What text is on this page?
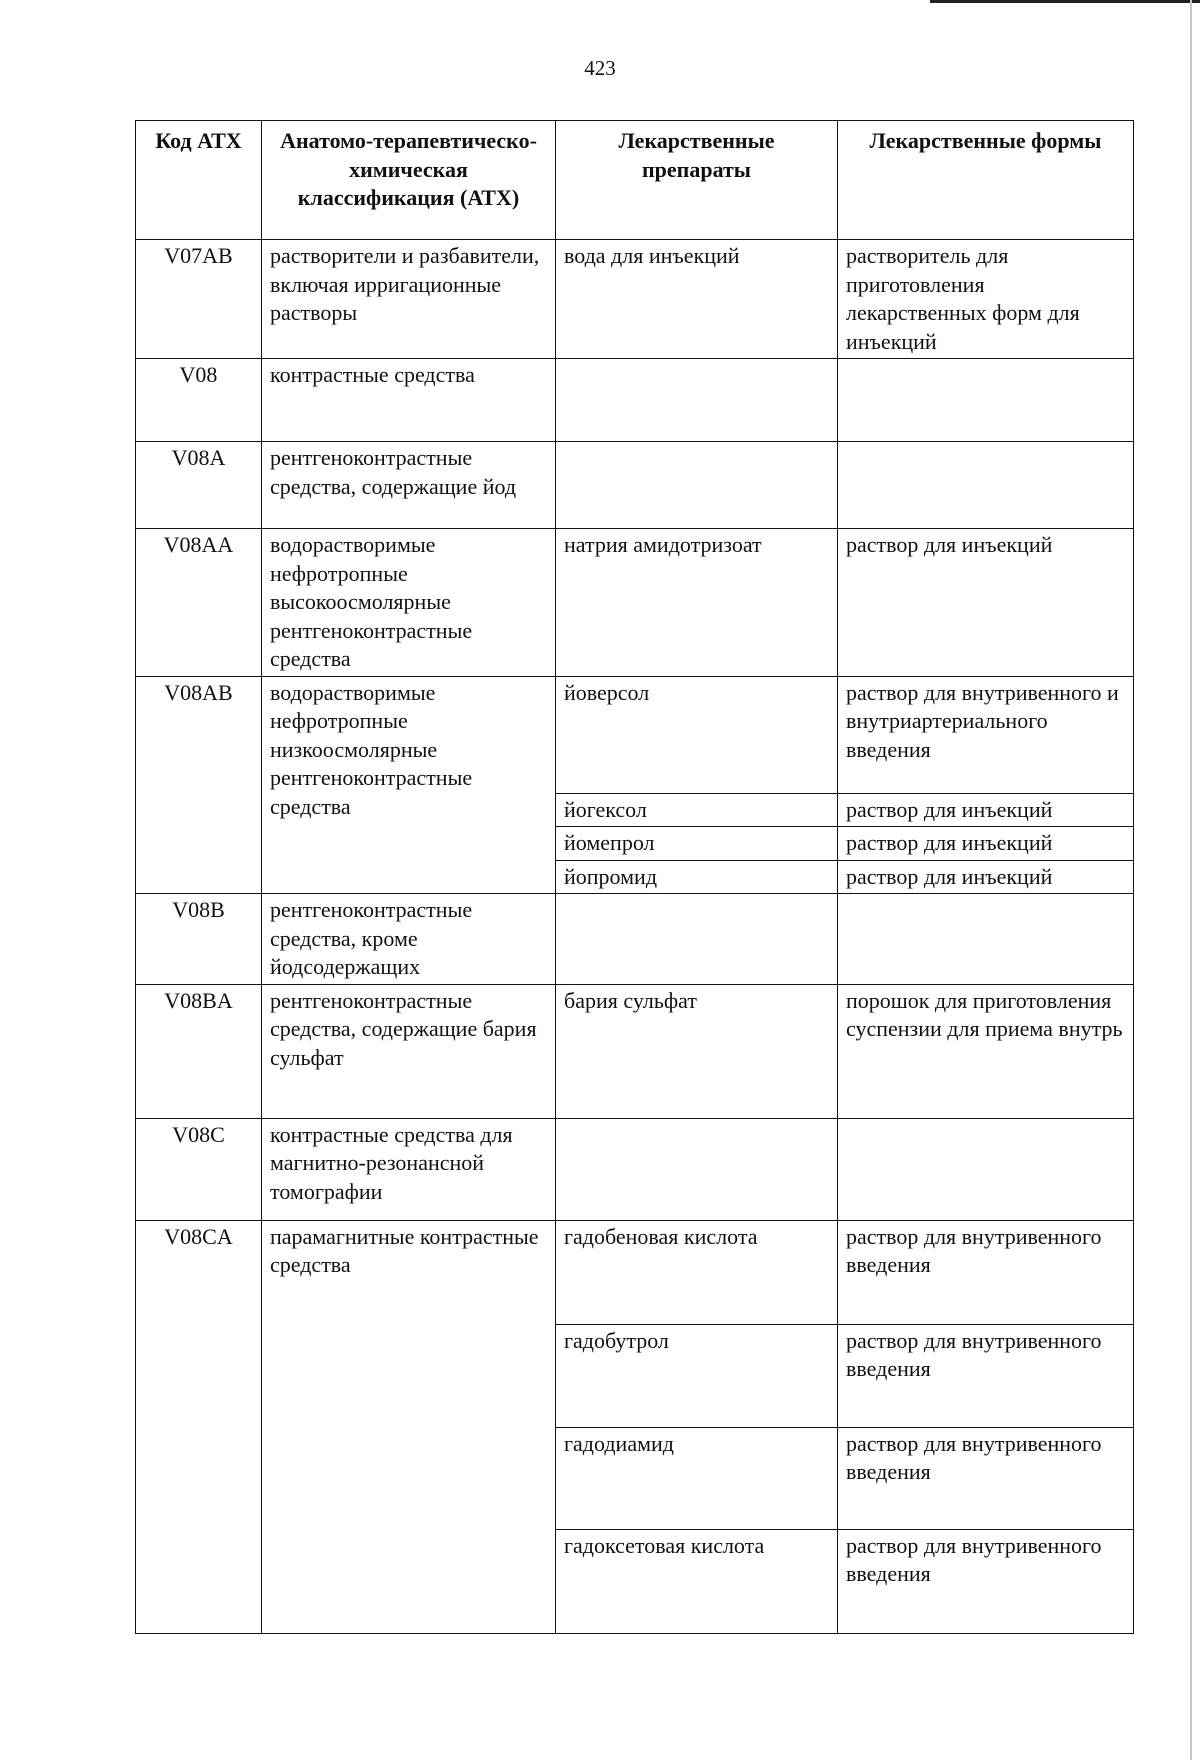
423
Код АТХ	Анатомо-терапевтическо-химическая классификация (АТХ)	Лекарственные препараты	Лекарственные формы
V07AB	растворители и разбавители, включая ирригационные растворы	вода для инъекций	растворитель для приготовления лекарственных форм для инъекций
V08	контрастные средства		
V08A	рентгеноконтрастные средства, содержащие йод		
V08AA	водорастворимые нефротропные высокоосмолярные рентгеноконтрастные средства	натрия амидотризоат	раствор для инъекций
V08AB	водорастворимые нефротропные низкоосмолярные рентгеноконтрастные средства	йоверсол	раствор для внутривенного и внутриартериального введения
		йогексол	раствор для инъекций
		йомепрол	раствор для инъекций
		йопромид	раствор для инъекций
V08B	рентгеноконтрастные средства, кроме йодсодержащих		
V08BA	рентгеноконтрастные средства, содержащие бария сульфат	бария сульфат	порошок для приготовления суспензии для приема внутрь
V08C	контрастные средства для магнитно-резонансной томографии		
V08CA	парамагнитные контрастные средства	гадобеновая кислота	раствор для внутривенного введения
		гадобутрол	раствор для внутривенного введения
		гадодиамид	раствор для внутривенного введения
		гадоксетовая кислота	раствор для внутривенного введения
